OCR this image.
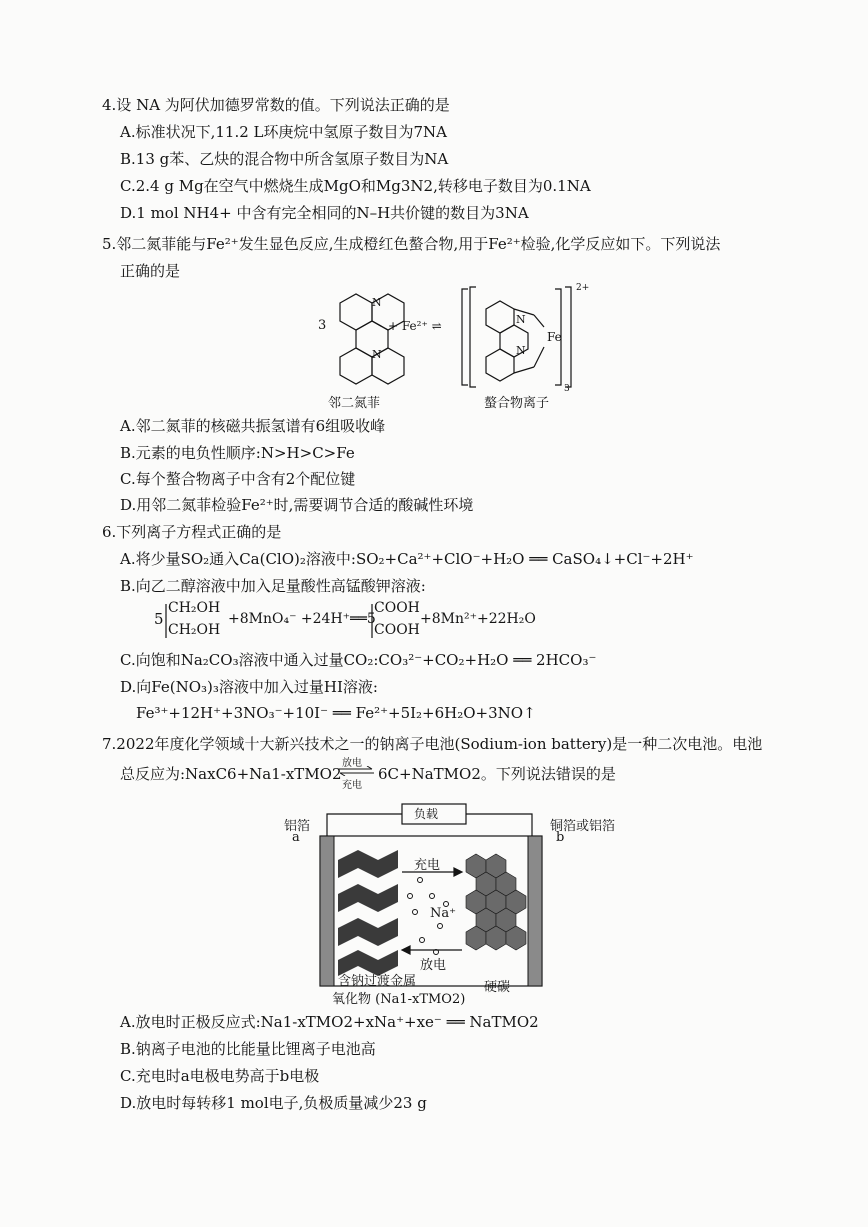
4.设 NA 为阿伏加德罗常数的值。下列说法正确的是
A.标准状况下,11.2 L环庚烷中氢原子数目为7NA
B.13 g苯、乙炔的混合物中所含氢原子数目为NA
C.2.4 g Mg在空气中燃烧生成MgO和Mg3N2,转移电子数目为0.1NA
D.1 mol NH4+ 中含有完全相同的N–H共价键的数目为3NA
5.邻二氮菲能与Fe²⁺发生显色反应,生成橙红色螯合物,用于Fe²⁺检验,化学反应如下。下列说法
正确的是
3	+ Fe²⁺ ⇌
N
N
N
N
Fe
2+
3
邻二氮菲	螯合物离子
A.邻二氮菲的核磁共振氢谱有6组吸收峰
B.元素的电负性顺序:N>H>C>Fe
C.每个螯合物离子中含有2个配位键
D.用邻二氮菲检验Fe²⁺时,需要调节合适的酸碱性环境
6.下列离子方程式正确的是
A.将少量SO₂通入Ca(ClO)₂溶液中:SO₂+Ca²⁺+ClO⁻+H₂O ══ CaSO₄↓+Cl⁻+2H⁺
B.向乙二醇溶液中加入足量酸性高锰酸钾溶液:
5
CH₂OH
CH₂OH
+8MnO₄⁻ +24H⁺══5
COOH
COOH
+8Mn²⁺+22H₂O
C.向饱和Na₂CO₃溶液中通入过量CO₂:CO₃²⁻+CO₂+H₂O ══ 2HCO₃⁻
D.向Fe(NO₃)₃溶液中加入过量HI溶液:
Fe³⁺+12H⁺+3NO₃⁻+10I⁻ ══ Fe²⁺+5I₂+6H₂O+3NO↑
7.2022年度化学领域十大新兴技术之一的钠离子电池(Sodium-ion battery)是一种二次电池。电池
总反应为:NaxC6+Na1-xTMO2
放电
充电
6C+NaTMO2。下列说法错误的是
负载
铝箔
a
铜箔或铝箔
b
充电
Na⁺
放电
含钠过渡金属
氧化物 (Na1-xTMO2)
硬碳
A.放电时正极反应式:Na1-xTMO2+xNa⁺+xe⁻ ══ NaTMO2
B.钠离子电池的比能量比锂离子电池高
C.充电时a电极电势高于b电极
D.放电时每转移1 mol电子,负极质量减少23 g
